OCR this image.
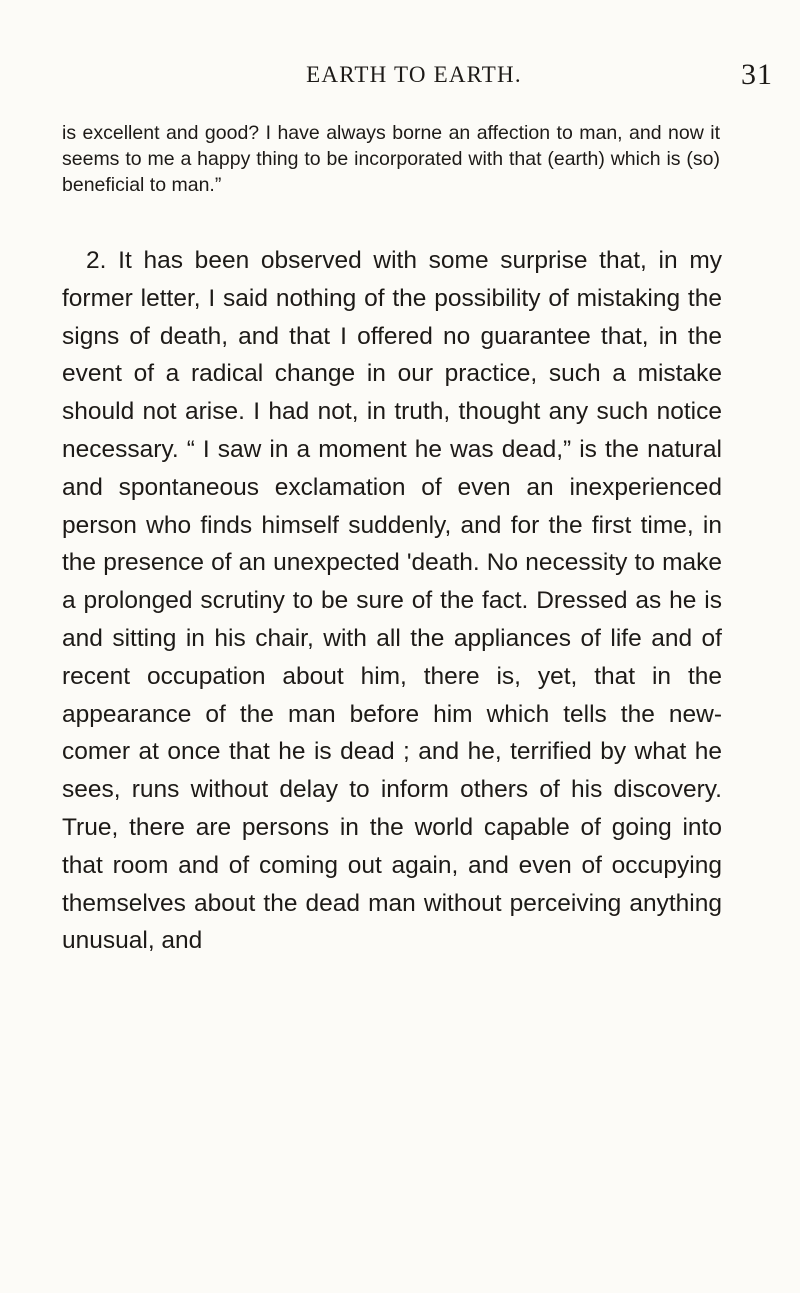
EARTH TO EARTH.	31

is excellent and good? I have always borne an affection to man, and now it seems to me a happy thing to be incorporated with that (earth) which is (so) beneficial to man.”

2. It has been observed with some surprise that, in my former letter, I said nothing of the possibility of mistaking the signs of death, and that I offered no guarantee that, in the event of a radical change in our practice, such a mistake should not arise. I had not, in truth, thought any such notice necessary. “ I saw in a moment he was dead,” is the natural and spontaneous exclamation of even an inexperienced person who finds himself suddenly, and for the first time, in the presence of an unexpected 'death. No necessity to make a prolonged scrutiny to be sure of the fact. Dressed as he is and sitting in his chair, with all the appliances of life and of recent occupation about him, there is, yet, that in the appearance of the man before him which tells the new-comer at once that he is dead ; and he, terrified by what he sees, runs without delay to inform others of his discovery. True, there are persons in the world capable of going into that room and of coming out again, and even of occupying themselves about the dead man without perceiving anything unusual, and
